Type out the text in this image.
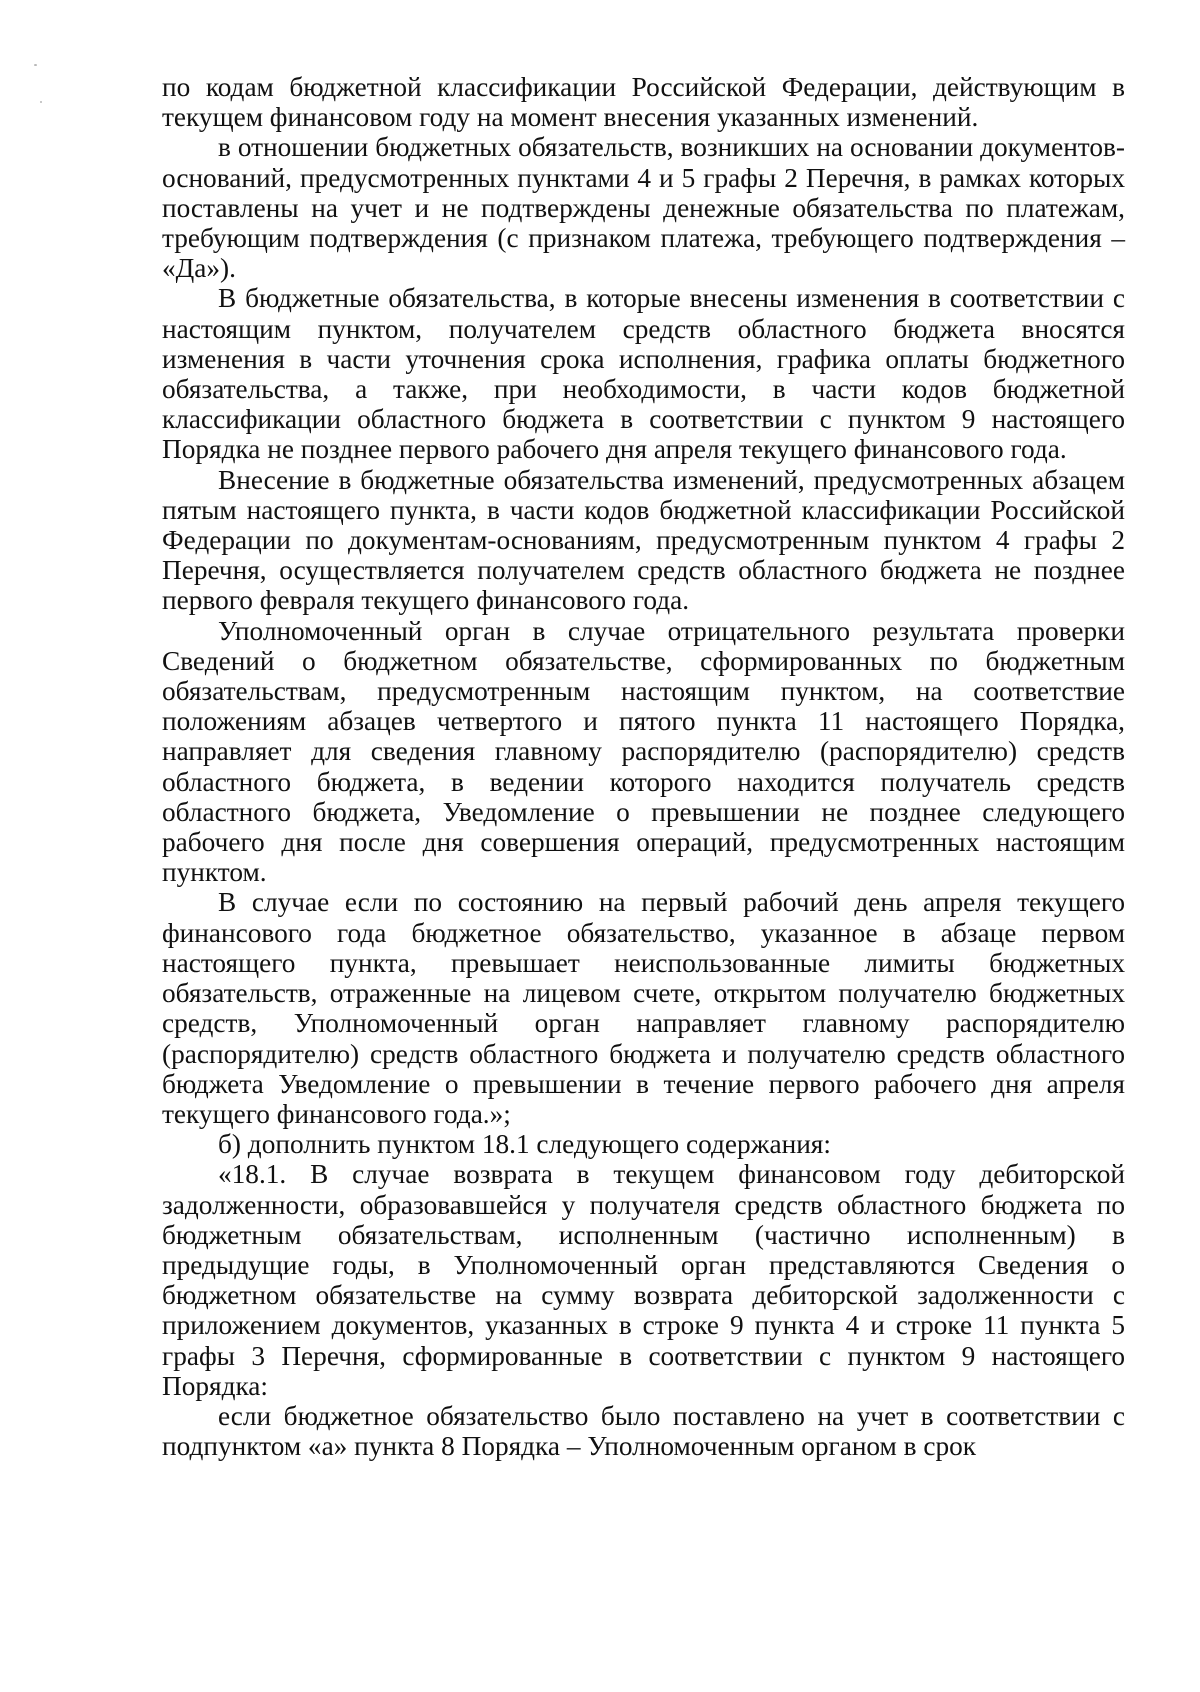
по кодам бюджетной классификации Российской Федерации, действующим в текущем финансовом году на момент внесения указанных изменений.

в отношении бюджетных обязательств, возникших на основании документов-оснований, предусмотренных пунктами 4 и 5 графы 2 Перечня, в рамках которых поставлены на учет и не подтверждены денежные обязательства по платежам, требующим подтверждения (с признаком платежа, требующего подтверждения – «Да»).

В бюджетные обязательства, в которые внесены изменения в соответствии с настоящим пунктом, получателем средств областного бюджета вносятся изменения в части уточнения срока исполнения, графика оплаты бюджетного обязательства, а также, при необходимости, в части кодов бюджетной классификации областного бюджета в соответствии с пунктом 9 настоящего Порядка не позднее первого рабочего дня апреля текущего финансового года.

Внесение в бюджетные обязательства изменений, предусмотренных абзацем пятым настоящего пункта, в части кодов бюджетной классификации Российской Федерации по документам-основаниям, предусмотренным пунктом 4 графы 2 Перечня, осуществляется получателем средств областного бюджета не позднее первого февраля текущего финансового года.

Уполномоченный орган в случае отрицательного результата проверки Сведений о бюджетном обязательстве, сформированных по бюджетным обязательствам, предусмотренным настоящим пунктом, на соответствие положениям абзацев четвертого и пятого пункта 11 настоящего Порядка, направляет для сведения главному распорядителю (распорядителю) средств областного бюджета, в ведении которого находится получатель средств областного бюджета, Уведомление о превышении не позднее следующего рабочего дня после дня совершения операций, предусмотренных настоящим пунктом.

В случае если по состоянию на первый рабочий день апреля текущего финансового года бюджетное обязательство, указанное в абзаце первом настоящего пункта, превышает неиспользованные лимиты бюджетных обязательств, отраженные на лицевом счете, открытом получателю бюджетных средств, Уполномоченный орган направляет главному распорядителю (распорядителю) средств областного бюджета и получателю средств областного бюджета Уведомление о превышении в течение первого рабочего дня апреля текущего финансового года.»;

б) дополнить пунктом 18.1 следующего содержания:

«18.1. В случае возврата в текущем финансовом году дебиторской задолженности, образовавшейся у получателя средств областного бюджета по бюджетным обязательствам, исполненным (частично исполненным) в предыдущие годы, в Уполномоченный орган представляются Сведения о бюджетном обязательстве на сумму возврата дебиторской задолженности с приложением документов, указанных в строке 9 пункта 4 и строке 11 пункта 5 графы 3 Перечня, сформированные в соответствии с пунктом 9 настоящего Порядка:

если бюджетное обязательство было поставлено на учет в соответствии с подпунктом «а» пункта 8 Порядка – Уполномоченным органом в срок
